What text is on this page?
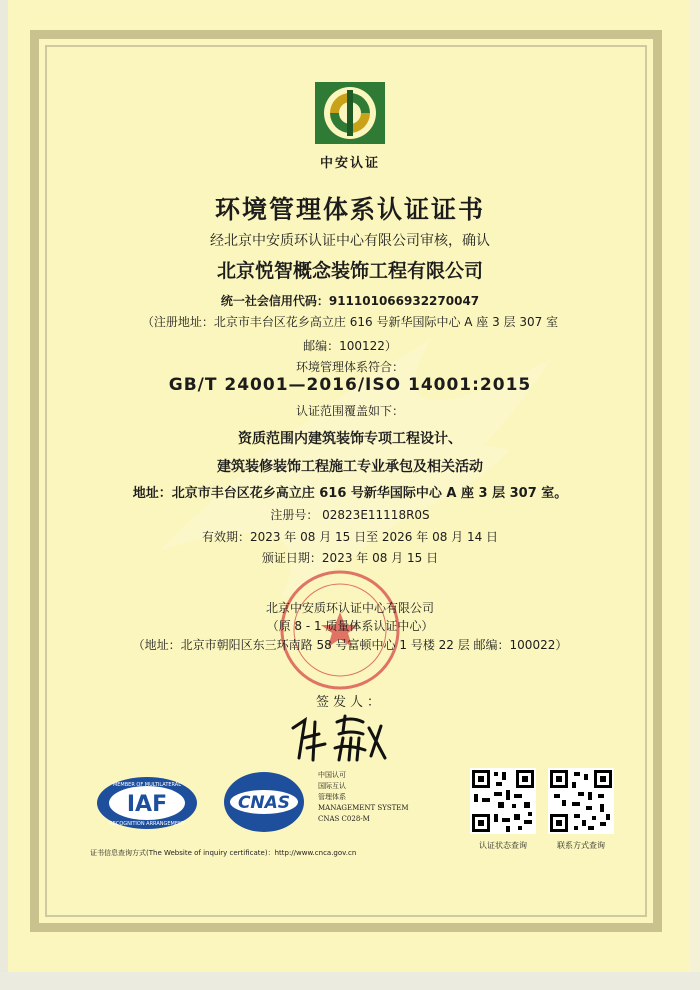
中安认证
环境管理体系认证证书
经北京中安质环认证中心有限公司审核，确认
北京悦智概念装饰工程有限公司
统一社会信用代码：911101066932270047
（注册地址：北京市丰台区花乡高立庄 616 号新华国际中心 A 座 3 层 307 室
邮编：100122）
环境管理体系符合：
GB/T 24001—2016/ISO 14001:2015
认证范围覆盖如下：
资质范围内建筑装饰专项工程设计、
建筑装修装饰工程施工专业承包及相关活动
地址：北京市丰台区花乡高立庄 616 号新华国际中心 A 座 3 层 307 室。
注册号： 02823E11118R0S
有效期：2023 年 08 月 15 日至 2026 年 08 月 14 日
颁证日期：2023 年 08 月 15 日
北京中安质环认证中心有限公司
（原 8 - 1 质量体系认证中心）
（地址：北京市朝阳区东三环南路 58 号富顿中心 1 号楼 22 层 邮编：100022）
签发人：
MEMBER OF MULTILATERAL
IAF
RECOGNITION ARRANGEMENT
CNAS
中国认可
国际互认
管理体系
MANAGEMENT SYSTEM
CNAS C028-M
认证状态查询	联系方式查询
证书信息查询方式(The Website of inquiry certificate)：http://www.cnca.gov.cn
